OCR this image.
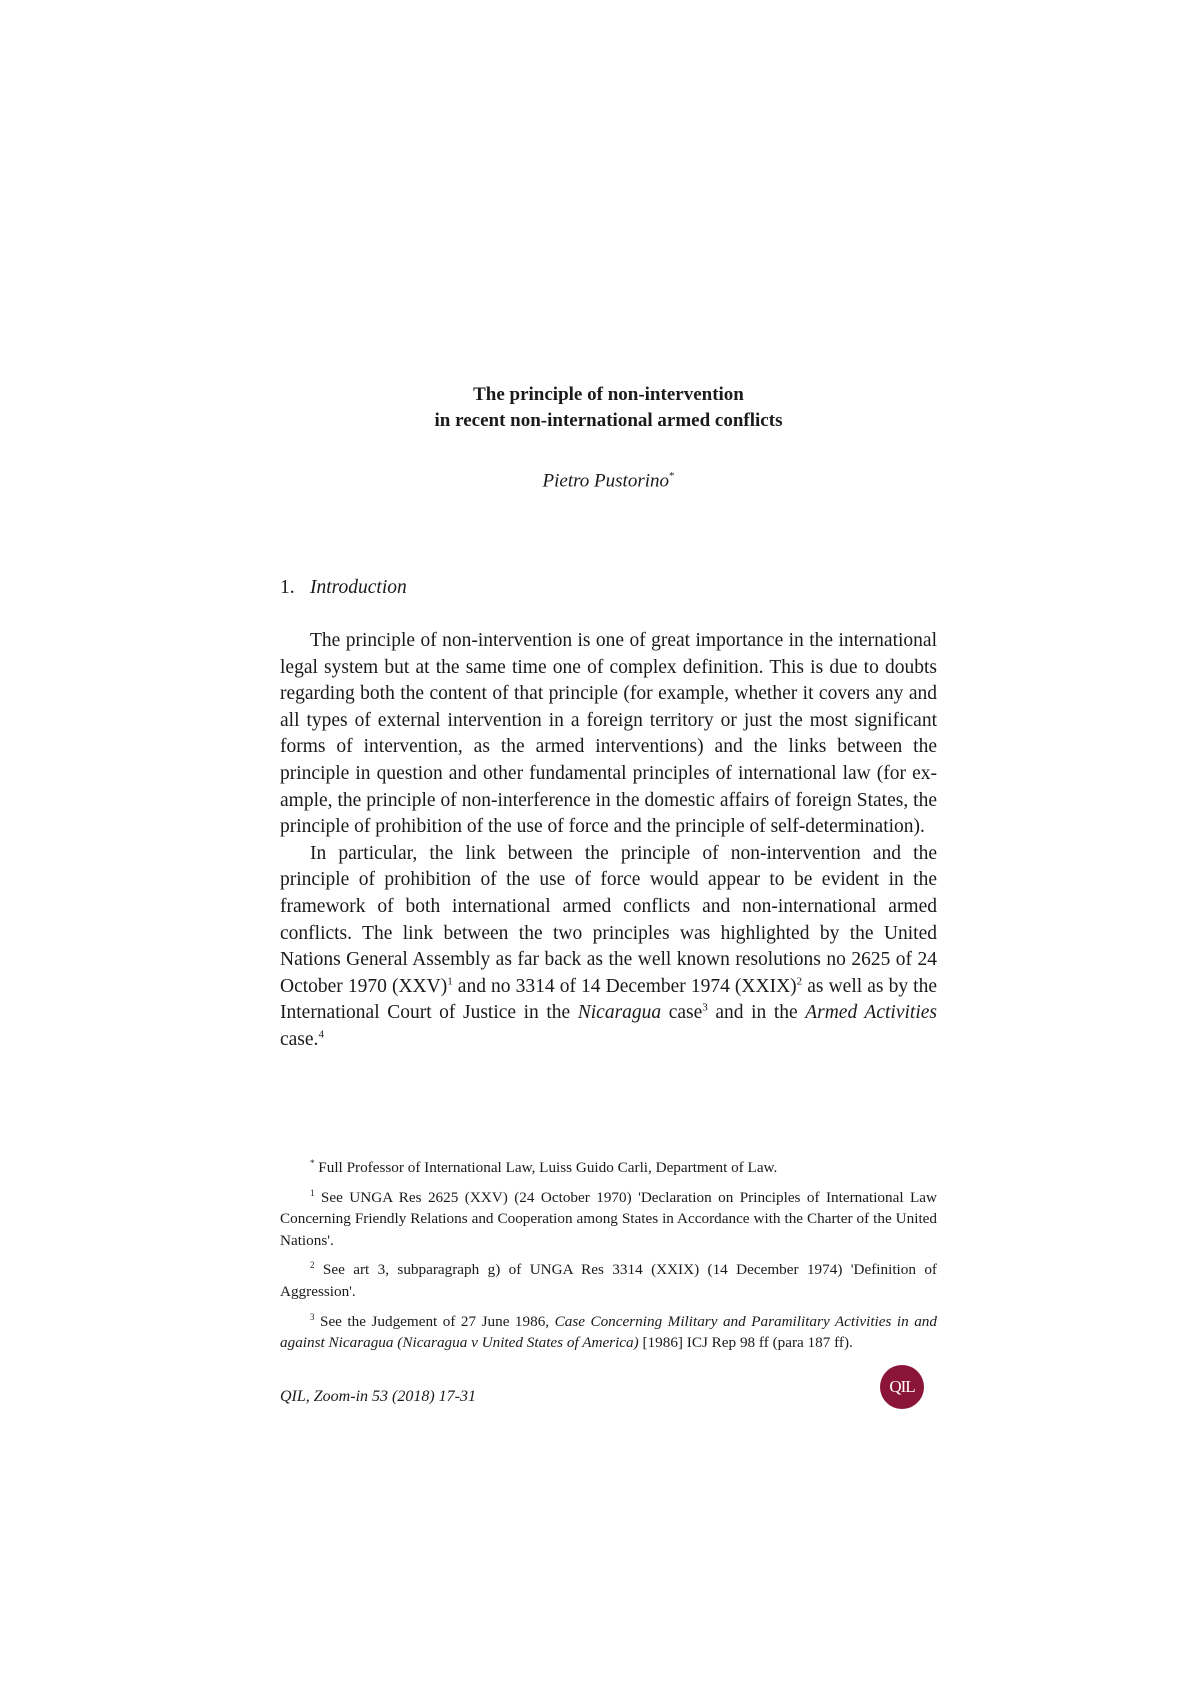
The principle of non-intervention
in recent non-international armed conflicts
Pietro Pustorino*
1. Introduction

The principle of non-intervention is one of great importance in the international legal system but at the same time one of complex definition. This is due to doubts regarding both the content of that principle (for example, whether it covers any and all types of external intervention in a foreign territory or just the most significant forms of intervention, as the armed interventions) and the links between the principle in question and other fundamental principles of international law (for example, the principle of non-interference in the domestic affairs of foreign States, the principle of prohibition of the use of force and the principle of self-determination).

In particular, the link between the principle of non-intervention and the principle of prohibition of the use of force would appear to be evident in the framework of both international armed conflicts and non-international armed conflicts. The link between the two principles was highlighted by the United Nations General Assembly as far back as the well known resolutions no 2625 of 24 October 1970 (XXV)$^1$ and no 3314 of 14 December 1974 (XXIX)$^2$ as well as by the International Court of Justice in the Nicaragua case$^3$ and in the Armed Activities case.$^4$

* Full Professor of International Law, Luiss Guido Carli, Department of Law.

$^1$ See UNGA Res 2625 (XXV) (24 October 1970) 'Declaration on Principles of International Law Concerning Friendly Relations and Cooperation among States in Accordance with the Charter of the United Nations'.

$^2$ See art 3, subparagraph g) of UNGA Res 3314 (XXIX) (14 December 1974) 'Definition of Aggression'.

$^3$ See the Judgement of 27 June 1986, Case Concerning Military and Paramilitary Activities in and against Nicaragua (Nicaragua v United States of America) [1986] ICJ Rep 98 ff (para 187 ff).

QIL, Zoom-in 53 (2018) 17-31
QIL
